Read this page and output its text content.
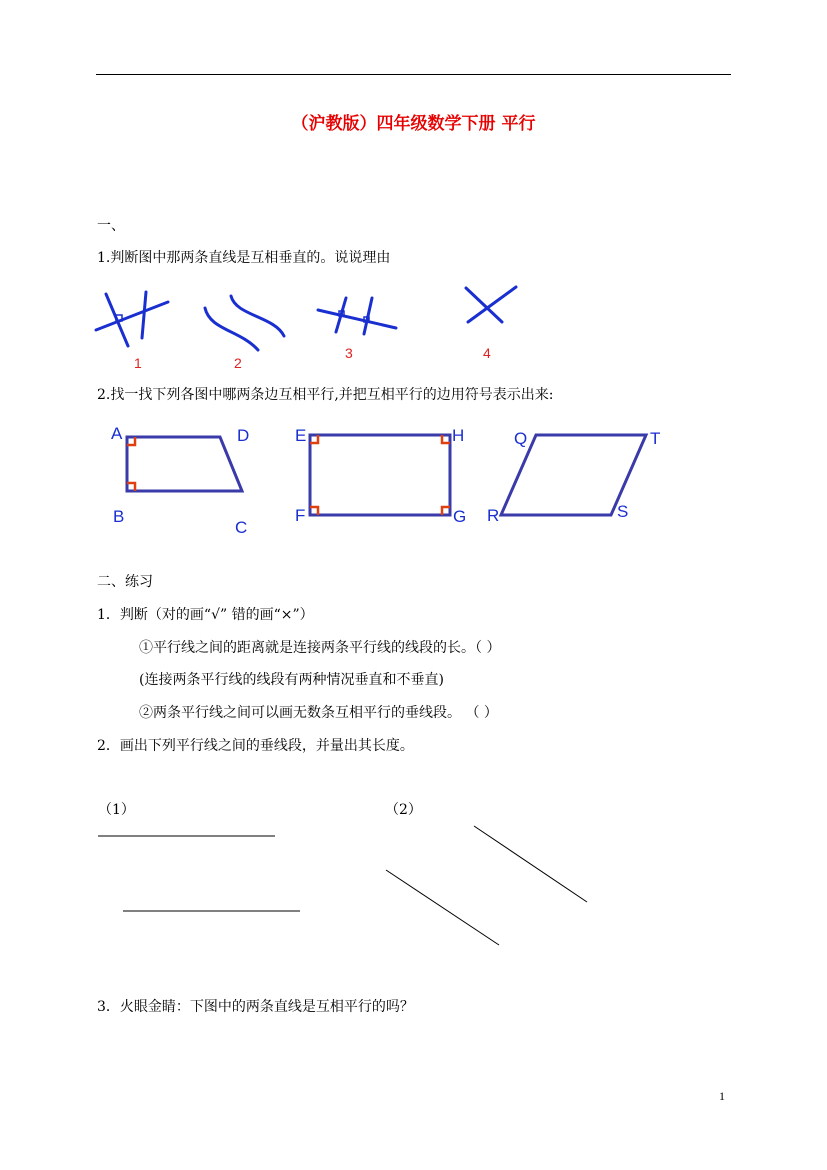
（沪教版）四年级数学下册 平行
一、
1.判断图中那两条直线是互相垂直的。说说理由
1	2
3	4
2.找一找下列各图中哪两条边互相平行,并把互相平行的边用符号表示出来:
A	D
B
C
E	H
F	G
Q	T
R	S
二、练习
1．判断（对的画“√” 错的画“×”）
①平行线之间的距离就是连接两条平行线的线段的长。（ ）
(连接两条平行线的线段有两种情况垂直和不垂直)
②两条平行线之间可以画无数条互相平行的垂线段。 （ ）
2．画出下列平行线之间的垂线段，并量出其长度。
（1）	（2）
3．火眼金睛：下图中的两条直线是互相平行的吗？
1
